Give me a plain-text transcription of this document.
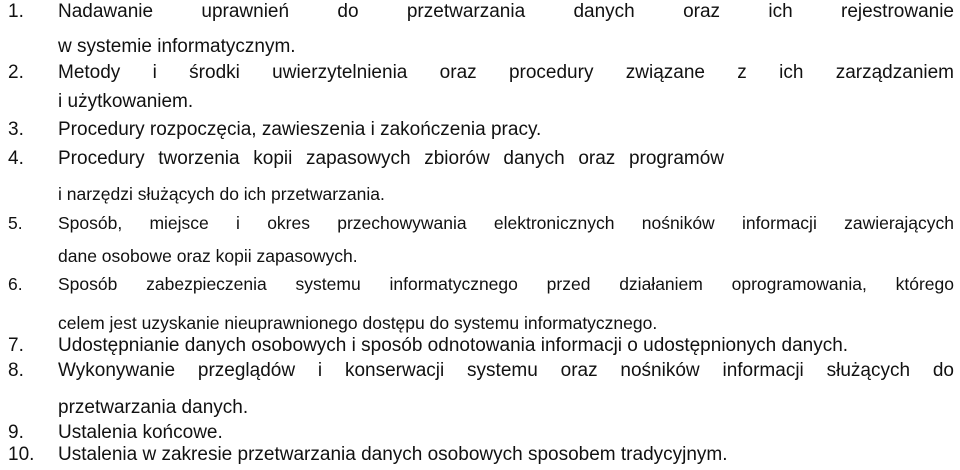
1. Nadawanie uprawnień do przetwarzania danych oraz ich rejestrowanie
w systemie informatycznym.
2. Metody i środki uwierzytelnienia oraz procedury związane z ich zarządzaniem
i użytkowaniem.
3. Procedury rozpoczęcia, zawieszenia i zakończenia pracy.
4. Procedury tworzenia kopii zapasowych zbiorów danych oraz programów
i narzędzi służących do ich przetwarzania.
5. Sposób, miejsce i okres przechowywania elektronicznych nośników informacji zawierających
dane osobowe oraz kopii zapasowych.
6. Sposób zabezpieczenia systemu informatycznego przed działaniem oprogramowania, którego
celem jest uzyskanie nieuprawnionego dostępu do systemu informatycznego.
7. Udostępnianie danych osobowych i sposób odnotowania informacji o udostępnionych danych.
8. Wykonywanie przeglądów i konserwacji systemu oraz nośników informacji służących do
przetwarzania danych.
9. Ustalenia końcowe.
10. Ustalenia w zakresie przetwarzania danych osobowych sposobem tradycyjnym.
